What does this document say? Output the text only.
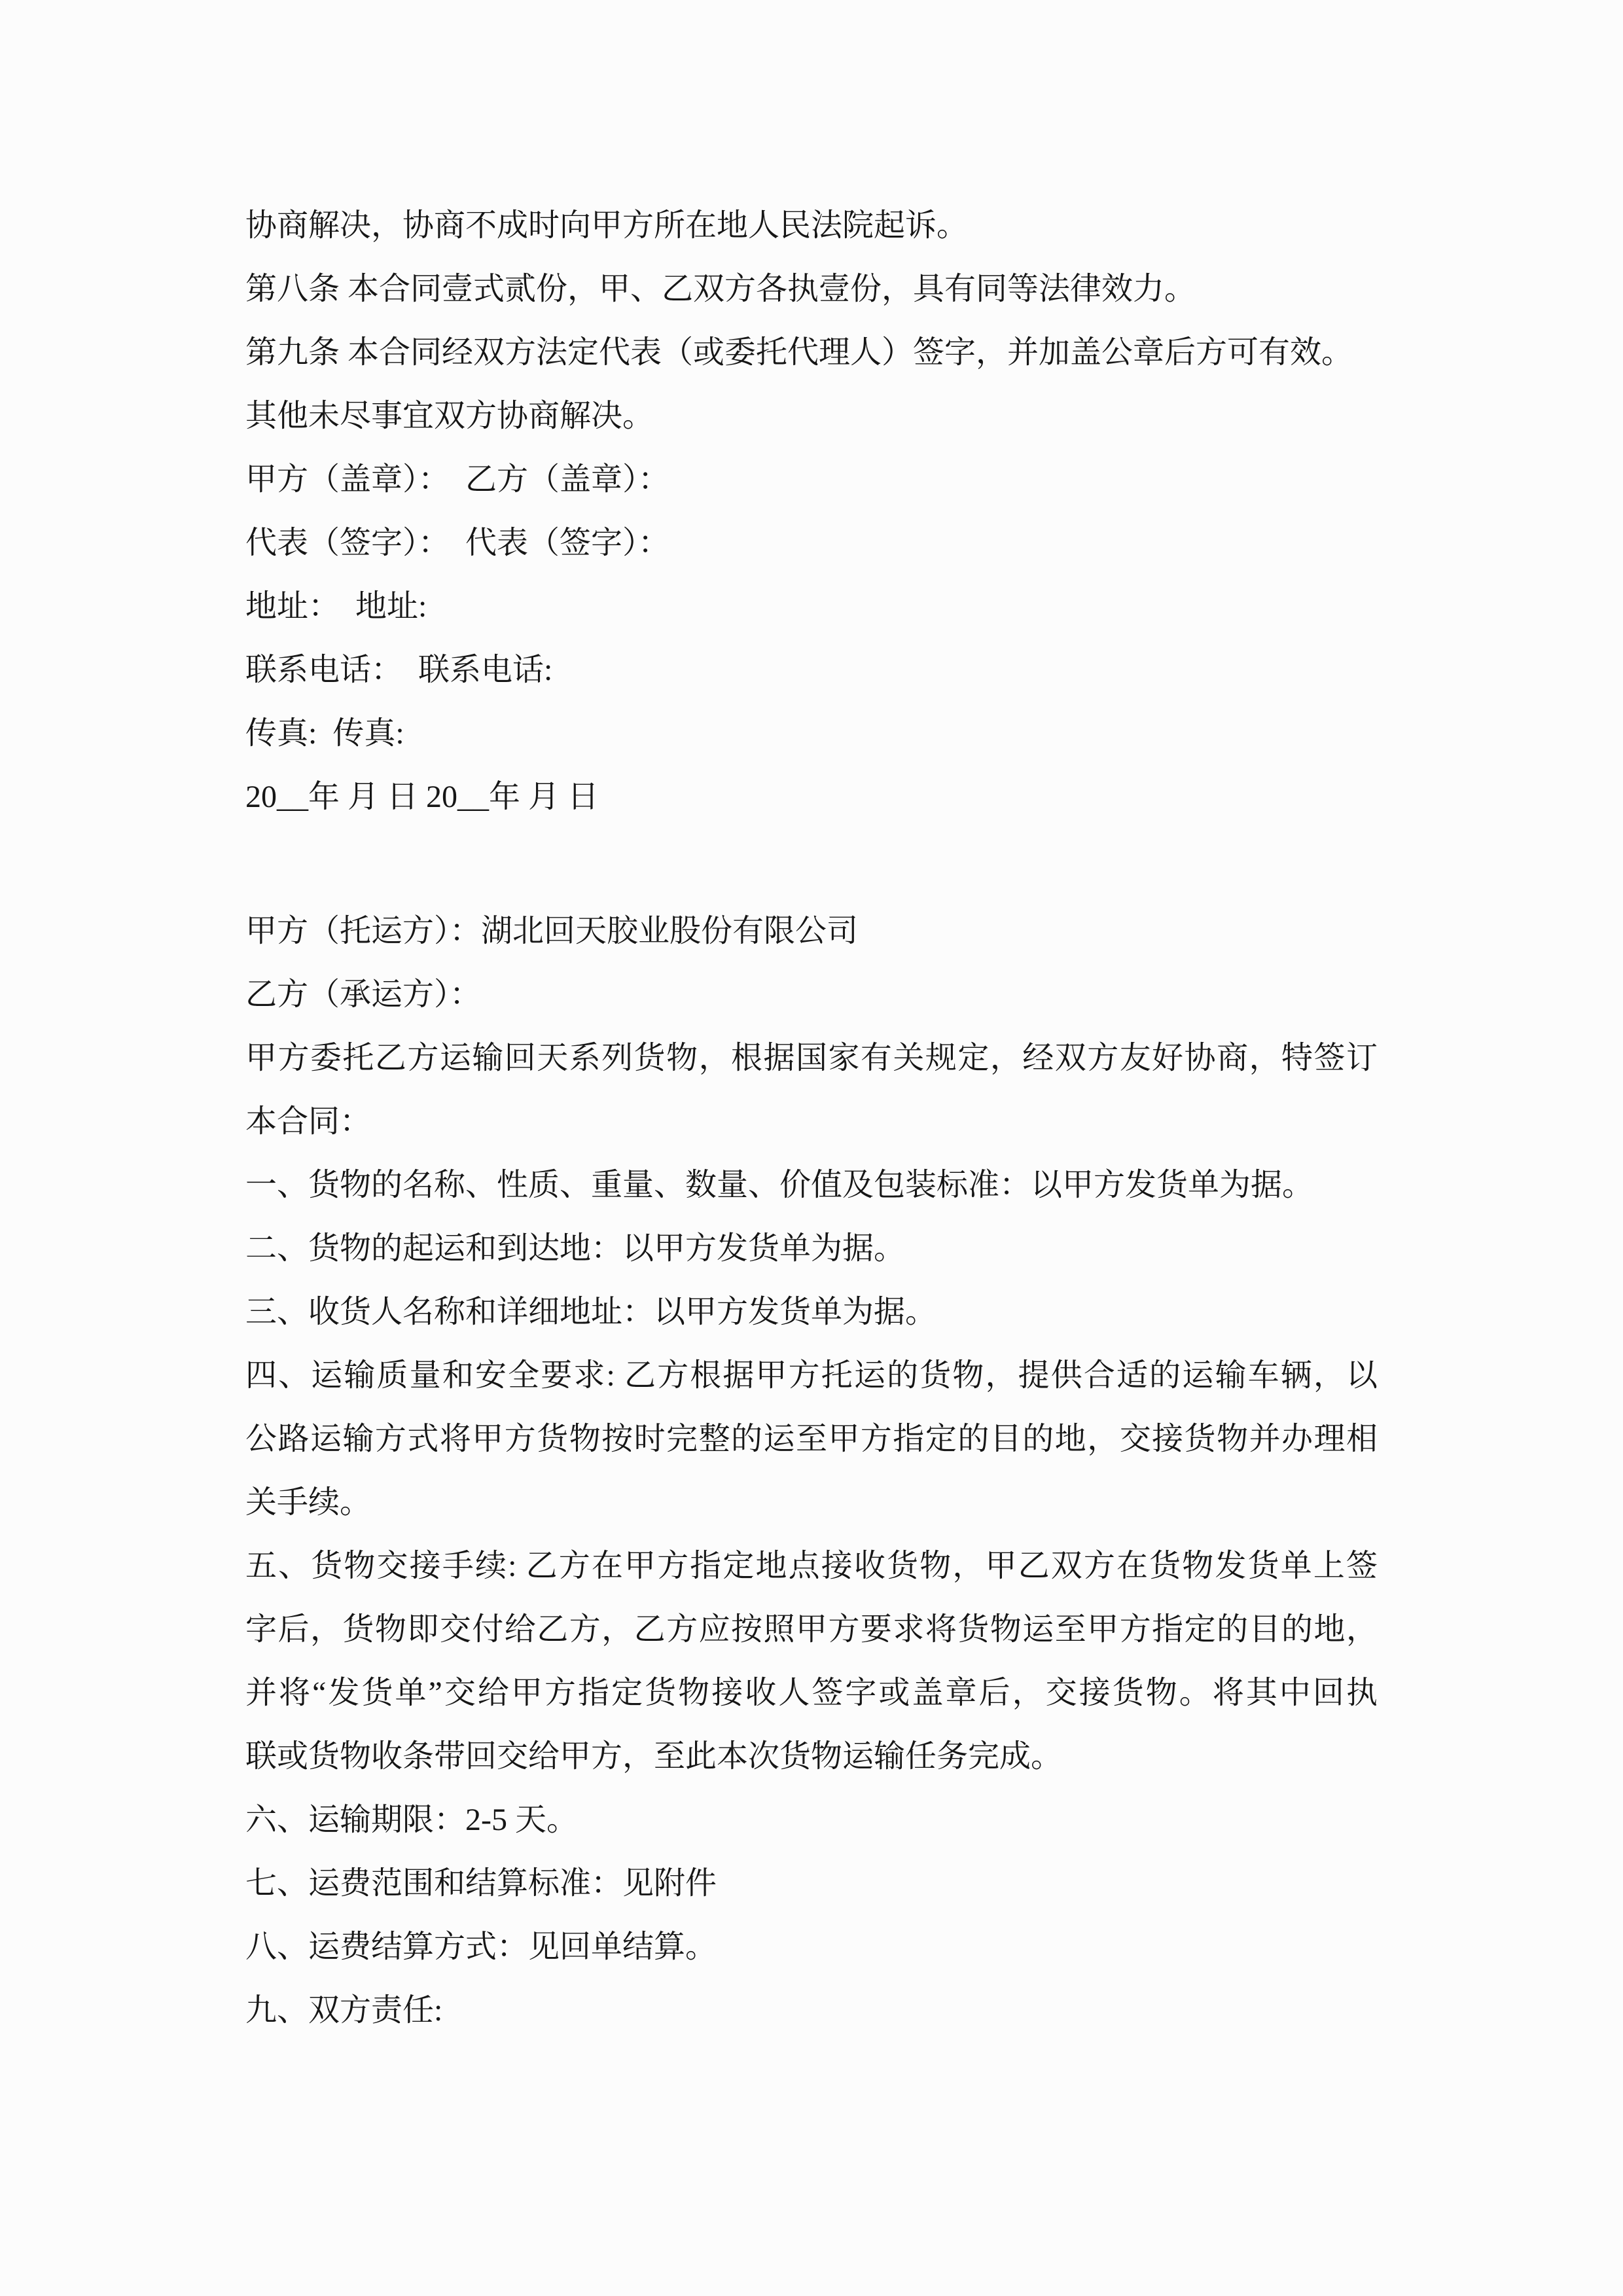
协商解决，协商不成时向甲方所在地人民法院起诉。
第八条 本合同壹式贰份，甲、乙双方各执壹份，具有同等法律效力。
第九条 本合同经双方法定代表（或委托代理人）签字，并加盖公章后方可有效。
其他未尽事宜双方协商解决。
甲方（盖章）：  乙方（盖章）：
代表（签字）：  代表（签字）：
地址：  地址:
联系电话：  联系电话:
传真:  传真:
20__年 月 日 20__年 月 日
甲方（托运方）：湖北回天胶业股份有限公司
乙方（承运方）：
甲方委托乙方运输回天系列货物，根据国家有关规定，经双方友好协商，特签订
本合同：
一、货物的名称、性质、重量、数量、价值及包装标准：以甲方发货单为据。
二、货物的起运和到达地：以甲方发货单为据。
三、收货人名称和详细地址：以甲方发货单为据。
四、运输质量和安全要求: 乙方根据甲方托运的货物，提供合适的运输车辆，以
公路运输方式将甲方货物按时完整的运至甲方指定的目的地，交接货物并办理相
关手续。
五、货物交接手续: 乙方在甲方指定地点接收货物，甲乙双方在货物发货单上签
字后，货物即交付给乙方，乙方应按照甲方要求将货物运至甲方指定的目的地，
并将“发货单”交给甲方指定货物接收人签字或盖章后，交接货物。将其中回执
联或货物收条带回交给甲方，至此本次货物运输任务完成。
六、运输期限：2-5 天。
七、运费范围和结算标准：见附件
八、运费结算方式：见回单结算。
九、双方责任:
